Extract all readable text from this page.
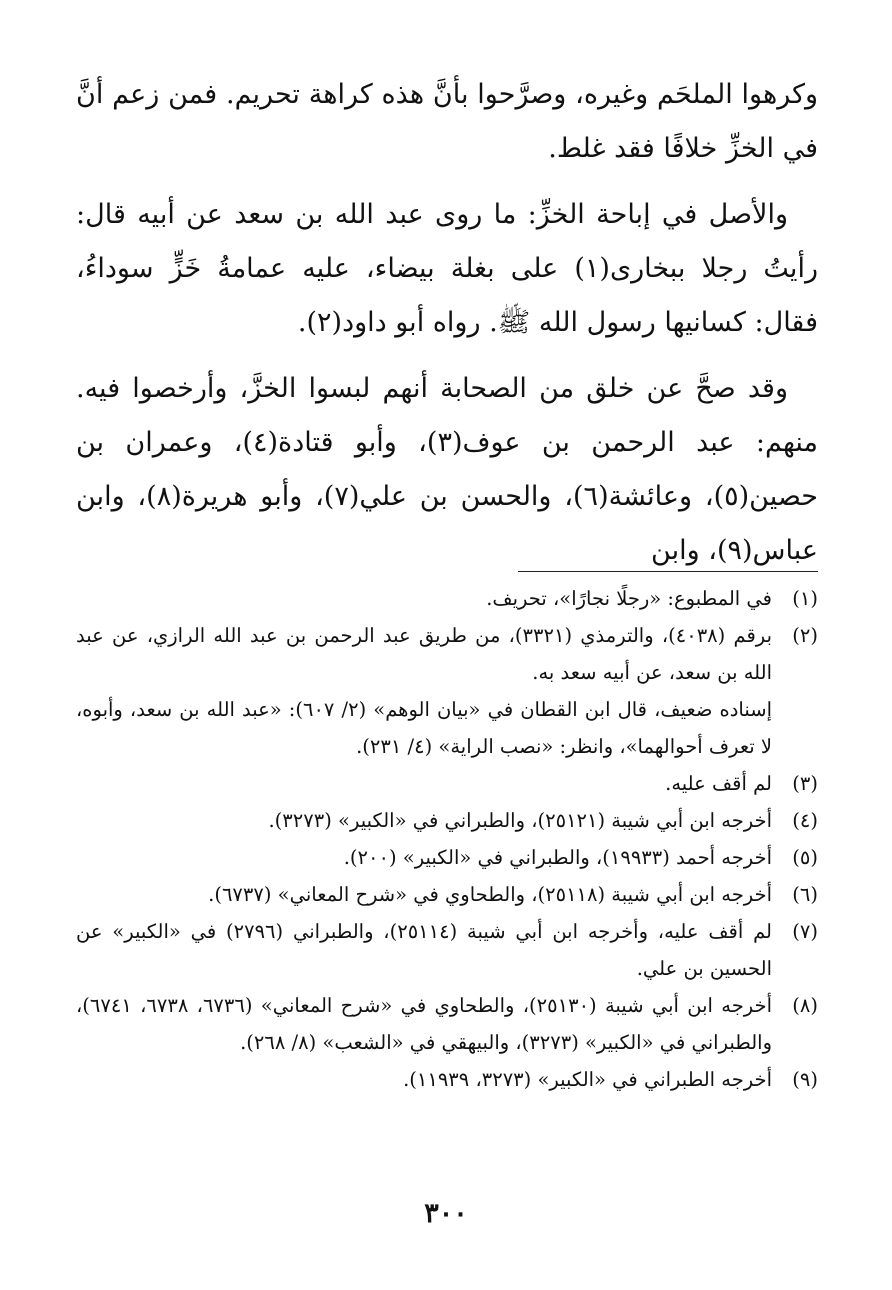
وكرهوا الملحَم وغيره، وصرَّحوا بأنَّ هذه كراهة تحريم. فمن زعم أنَّ في الخزِّ خلافًا فقد غلط.

والأصل في إباحة الخزِّ: ما روى عبد الله بن سعد عن أبيه قال: رأيتُ رجلا ببخارى(١) على بغلة بيضاء، عليه عمامةُ خَزٍّ سوداءُ، فقال: كسانيها رسول الله ﷺ. رواه أبو داود(٢).

وقد صحَّ عن خلق من الصحابة أنهم لبسوا الخزَّ، وأرخصوا فيه. منهم: عبد الرحمن بن عوف(٣)، وأبو قتادة(٤)، وعمران بن حصين(٥)، وعائشة(٦)، والحسن بن علي(٧)، وأبو هريرة(٨)، وابن عباس(٩)، وابن

(١)
في المطبوع: «رجلًا نجارًا»، تحريف.
(٢)
برقم (٤٠٣٨)، والترمذي (٣٣٢١)، من طريق عبد الرحمن بن عبد الله الرازي، عن عبد الله بن سعد، عن أبيه سعد به.
إسناده ضعيف، قال ابن القطان في «بيان الوهم» (٢/ ٦٠٧): «عبد الله بن سعد، وأبوه، لا تعرف أحوالهما»، وانظر: «نصب الراية» (٤/ ٢٣١).
(٣)
لم أقف عليه.
(٤)
أخرجه ابن أبي شيبة (٢٥١٢١)، والطبراني في «الكبير» (٣٢٧٣).
(٥)
أخرجه أحمد (١٩٩٣٣)، والطبراني في «الكبير» (٢٠٠).
(٦)
أخرجه ابن أبي شيبة (٢٥١١٨)، والطحاوي في «شرح المعاني» (٦٧٣٧).
(٧)
لم أقف عليه، وأخرجه ابن أبي شيبة (٢٥١١٤)، والطبراني (٢٧٩٦) في «الكبير» عن الحسين بن علي.
(٨)
أخرجه ابن أبي شيبة (٢٥١٣٠)، والطحاوي في «شرح المعاني» (٦٧٣٦، ٦٧٣٨، ٦٧٤١)، والطبراني في «الكبير» (٣٢٧٣)، والبيهقي في «الشعب» (٨/ ٢٦٨).
(٩)
أخرجه الطبراني في «الكبير» (٣٢٧٣، ١١٩٣٩).
٣٠٠
